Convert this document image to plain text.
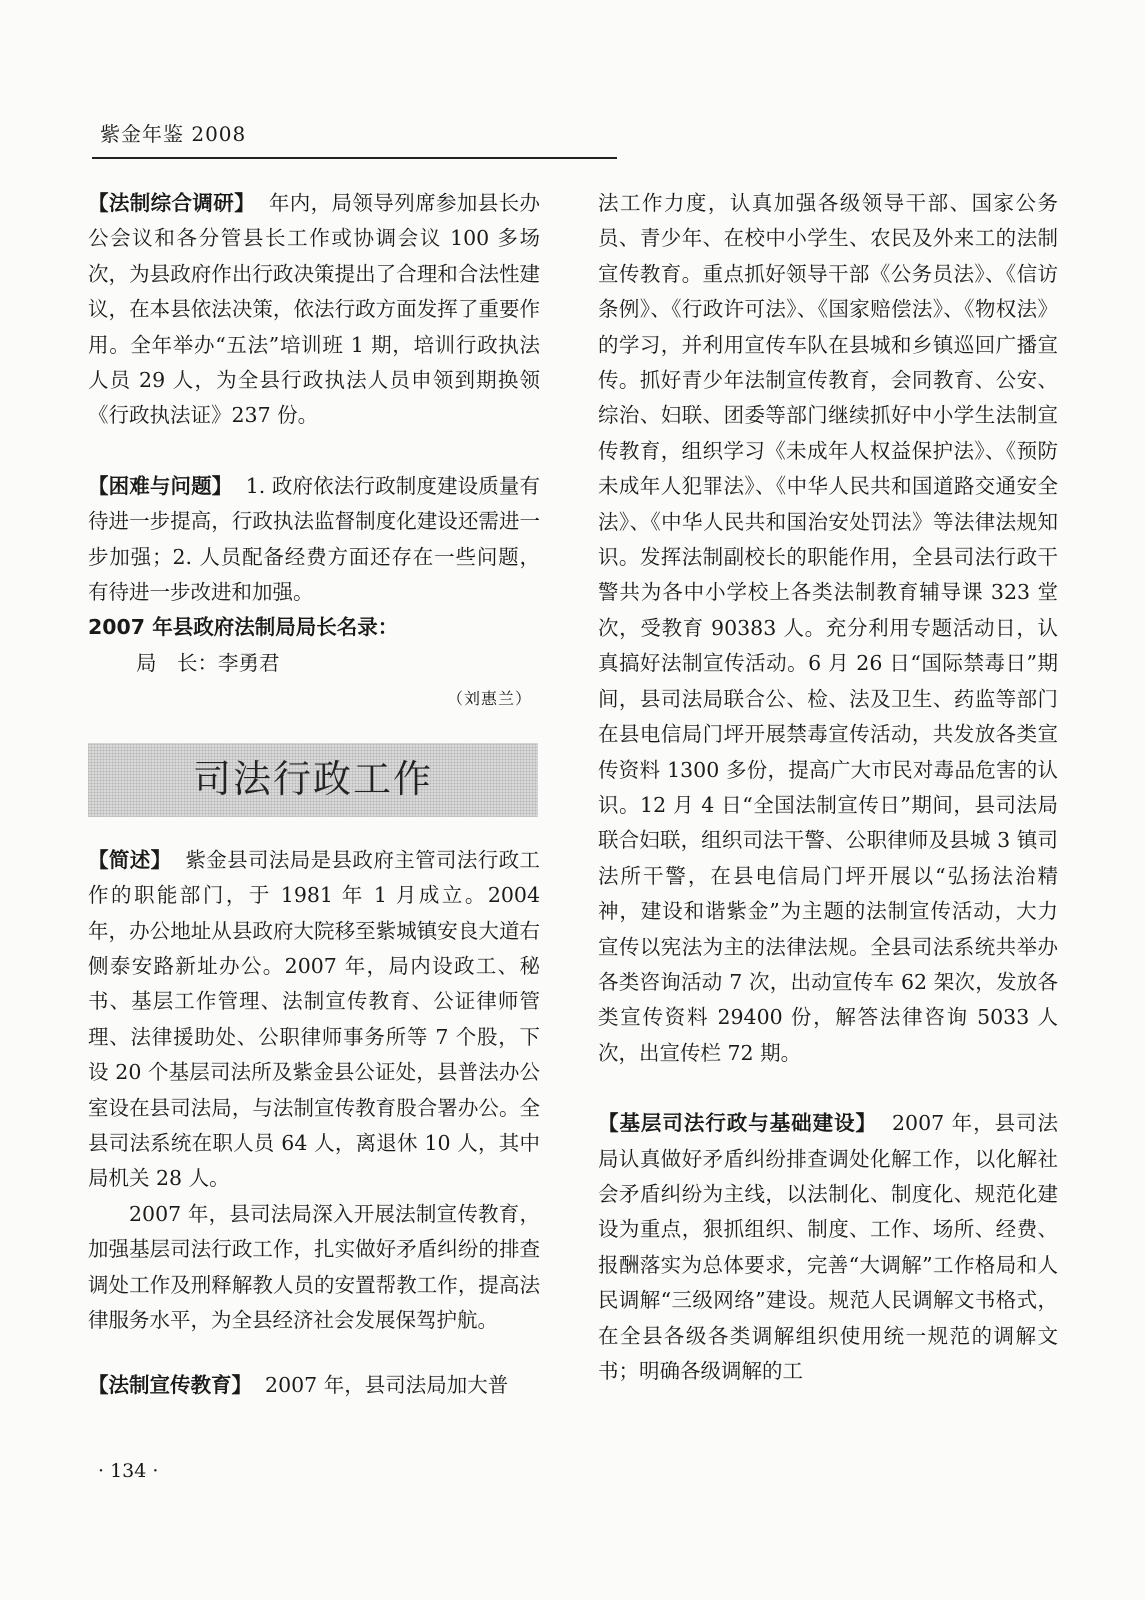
紫金年鉴 2008

【法制综合调研】 年内，局领导列席参加县长办公会议和各分管县长工作或协调会议 100 多场次，为县政府作出行政决策提出了合理和合法性建议，在本县依法决策，依法行政方面发挥了重要作用。全年举办“五法”培训班 1 期，培训行政执法人员 29 人，为全县行政执法人员申领到期换领《行政执法证》237 份。

【困难与问题】 1. 政府依法行政制度建设质量有待进一步提高，行政执法监督制度化建设还需进一步加强；2. 人员配备经费方面还存在一些问题，有待进一步改进和加强。

2007 年县政府法制局局长名录：

局　长：李勇君

（刘惠兰）

司法行政工作

【简述】 紫金县司法局是县政府主管司法行政工作的职能部门，于 1981 年 1 月成立。2004 年，办公地址从县政府大院移至紫城镇安良大道右侧泰安路新址办公。2007 年，局内设政工、秘书、基层工作管理、法制宣传教育、公证律师管理、法律援助处、公职律师事务所等 7 个股，下设 20 个基层司法所及紫金县公证处，县普法办公室设在县司法局，与法制宣传教育股合署办公。全县司法系统在职人员 64 人，离退休 10 人，其中局机关 28 人。

2007 年，县司法局深入开展法制宣传教育，加强基层司法行政工作，扎实做好矛盾纠纷的排查调处工作及刑释解教人员的安置帮教工作，提高法律服务水平，为全县经济社会发展保驾护航。

【法制宣传教育】 2007 年，县司法局加大普

法工作力度，认真加强各级领导干部、国家公务员、青少年、在校中小学生、农民及外来工的法制宣传教育。重点抓好领导干部《公务员法》、《信访条例》、《行政许可法》、《国家赔偿法》、《物权法》的学习，并利用宣传车队在县城和乡镇巡回广播宣传。抓好青少年法制宣传教育，会同教育、公安、综治、妇联、团委等部门继续抓好中小学生法制宣传教育，组织学习《未成年人权益保护法》、《预防未成年人犯罪法》、《中华人民共和国道路交通安全法》、《中华人民共和国治安处罚法》等法律法规知识。发挥法制副校长的职能作用，全县司法行政干警共为各中小学校上各类法制教育辅导课 323 堂次，受教育 90383 人。充分利用专题活动日，认真搞好法制宣传活动。6 月 26 日“国际禁毒日”期间，县司法局联合公、检、法及卫生、药监等部门在县电信局门坪开展禁毒宣传活动，共发放各类宣传资料 1300 多份，提高广大市民对毒品危害的认识。12 月 4 日“全国法制宣传日”期间，县司法局联合妇联，组织司法干警、公职律师及县城 3 镇司法所干警，在县电信局门坪开展以“弘扬法治精神，建设和谐紫金”为主题的法制宣传活动，大力宣传以宪法为主的法律法规。全县司法系统共举办各类咨询活动 7 次，出动宣传车 62 架次，发放各类宣传资料 29400 份，解答法律咨询 5033 人次，出宣传栏 72 期。

【基层司法行政与基础建设】 2007 年，县司法局认真做好矛盾纠纷排查调处化解工作，以化解社会矛盾纠纷为主线，以法制化、制度化、规范化建设为重点，狠抓组织、制度、工作、场所、经费、报酬落实为总体要求，完善“大调解”工作格局和人民调解“三级网络”建设。规范人民调解文书格式，在全县各级各类调解组织使用统一规范的调解文书；明确各级调解的工

· 134 ·
